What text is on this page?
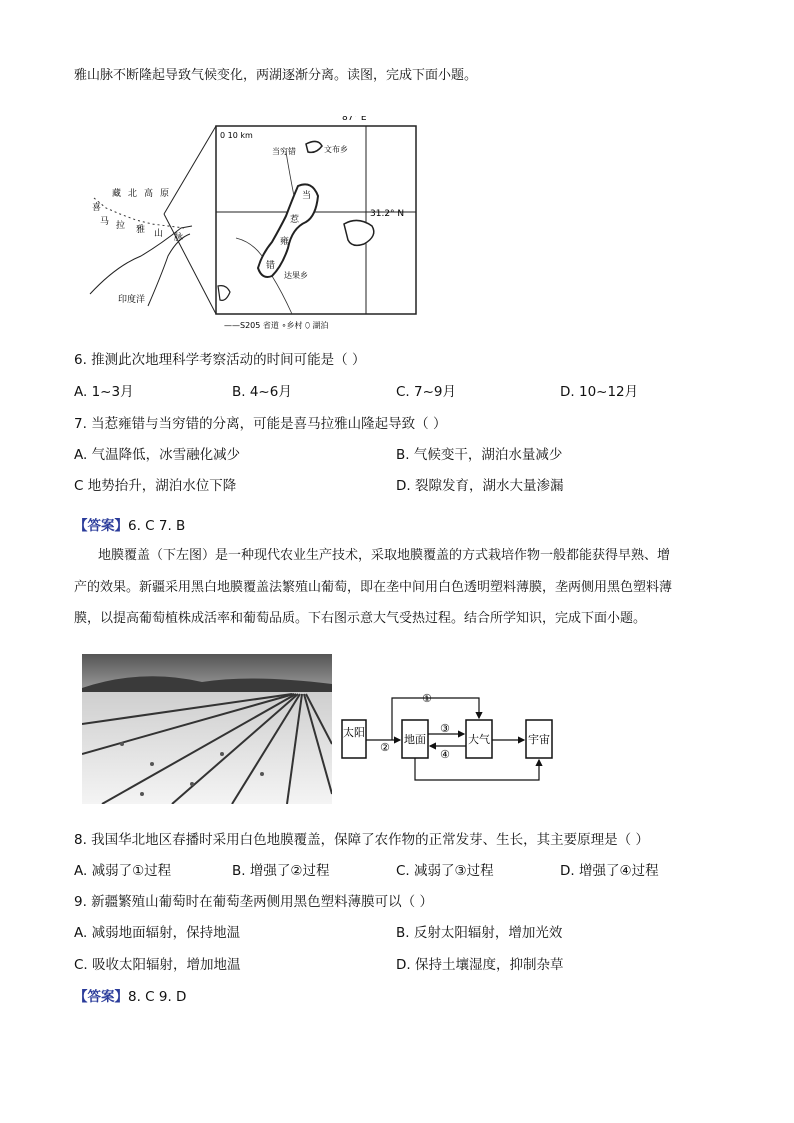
雅山脉不断隆起导致气候变化，两湖逐渐分离。读图，完成下面小题。
藏 北 高 原
喜
马 拉 雅 山 脉
印度洋
87° E
31.2° N
0 10 km
当穷错	文布乡
当
惹
雍
错
达果乡
——S205 省道 ∘乡村 ⬯ 湖泊
6. 推测此次地理科学考察活动的时间可能是（ ）
A. 1~3月	B. 4~6月	C. 7~9月	D. 10~12月
7. 当惹雍错与当穷错的分离，可能是喜马拉雅山隆起导致（ ）
A. 气温降低，冰雪融化减少	B. 气候变干，湖泊水量减少
C 地势抬升，湖泊水位下降	D. 裂隙发育，湖水大量渗漏
【答案】6. C 7. B
地膜覆盖（下左图）是一种现代农业生产技术，采取地膜覆盖的方式栽培作物一般都能获得早熟、增
产的效果。新疆采用黑白地膜覆盖法繁殖山葡萄，即在垄中间用白色透明塑料薄膜，垄两侧用黑色塑料薄
膜，以提高葡萄植株成活率和葡萄品质。下右图示意大气受热过程。结合所学知识，完成下面小题。
太阳
地面	大气	宇宙
①
②
③
④
8. 我国华北地区春播时采用白色地膜覆盖，保障了农作物的正常发芽、生长，其主要原理是（ ）
A. 减弱了①过程	B. 增强了②过程	C. 减弱了③过程	D. 增强了④过程
9. 新疆繁殖山葡萄时在葡萄垄两侧用黑色塑料薄膜可以（ ）
A. 减弱地面辐射，保持地温	B. 反射太阳辐射，增加光效
C. 吸收太阳辐射，增加地温	D. 保持土壤湿度，抑制杂草
【答案】8. C 9. D
